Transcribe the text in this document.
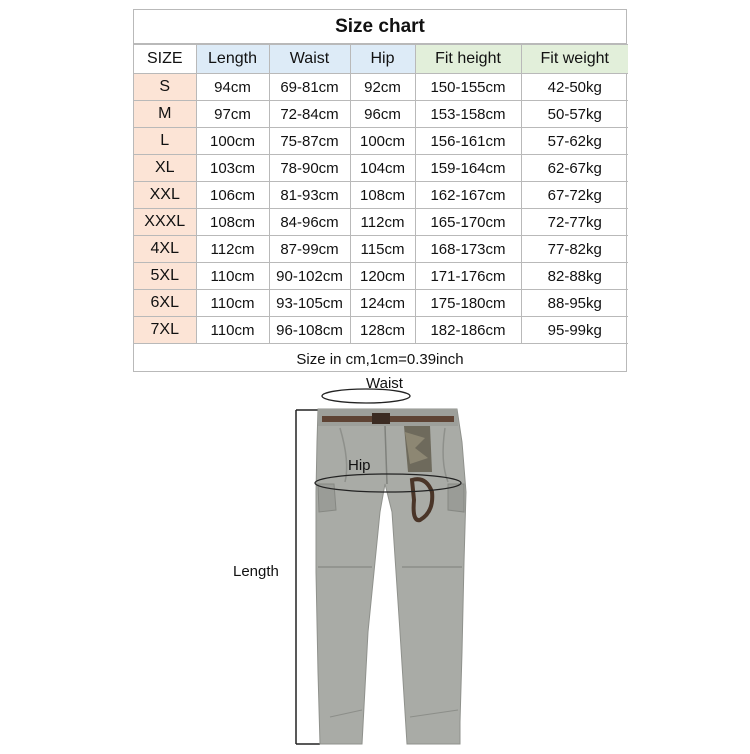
Size chart
SIZE	Length	Waist	Hip	Fit height	Fit weight
S	94cm	69-81cm	92cm	150-155cm	42-50kg
M	97cm	72-84cm	96cm	153-158cm	50-57kg
L	100cm	75-87cm	100cm	156-161cm	57-62kg
XL	103cm	78-90cm	104cm	159-164cm	62-67kg
XXL	106cm	81-93cm	108cm	162-167cm	67-72kg
XXXL	108cm	84-96cm	112cm	165-170cm	72-77kg
4XL	112cm	87-99cm	115cm	168-173cm	77-82kg
5XL	110cm	90-102cm	120cm	171-176cm	82-88kg
6XL	110cm	93-105cm	124cm	175-180cm	88-95kg
7XL	110cm	96-108cm	128cm	182-186cm	95-99kg
Size in cm,1cm=0.39inch
Waist
Hip
Length
